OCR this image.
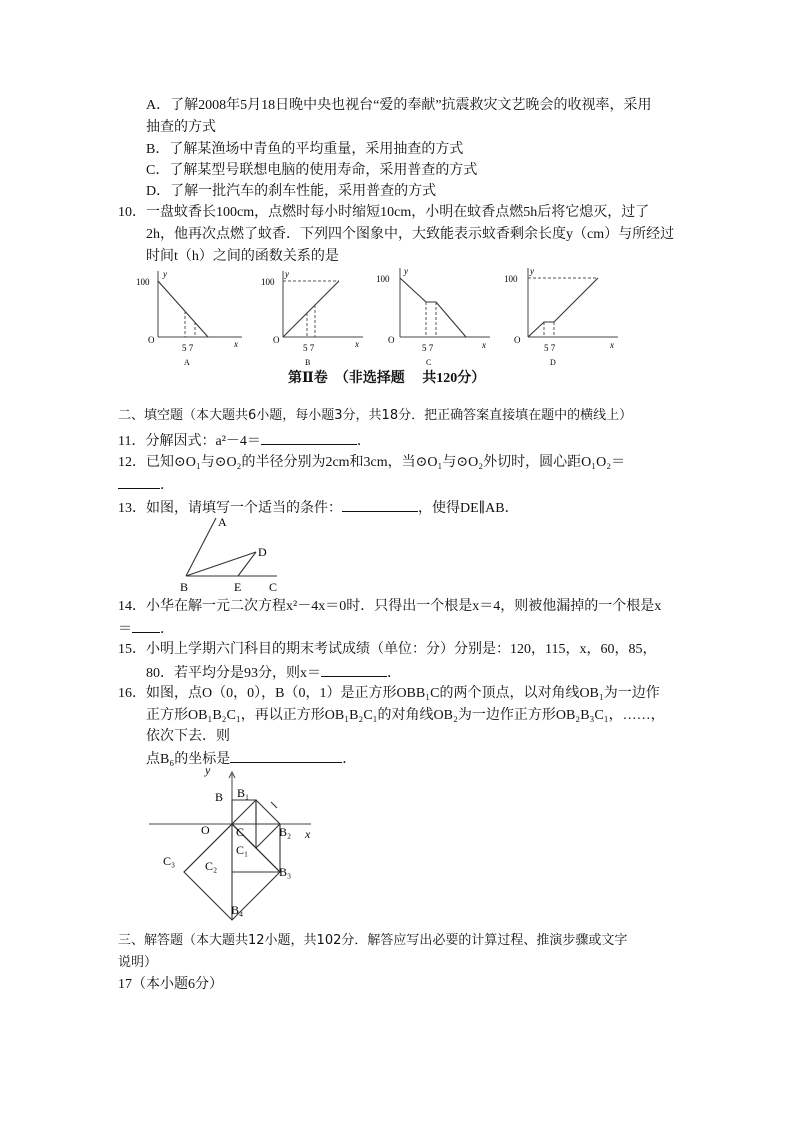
A．了解2008年5月18日晚中央也视台“爱的奉献”抗震救灾文艺晚会的收视率，采用
抽查的方式
B．了解某渔场中青鱼的平均重量，采用抽查的方式
C．了解某型号联想电脑的使用寿命，采用普查的方式
D．了解一批汽车的刹车性能，采用普查的方式
10．一盘蚊香长100cm，点燃时每小时缩短10cm，小明在蚊香点燃5h后将它熄灭，过了
2h，他再次点燃了蚊香．下列四个图象中，大致能表示蚊香剩余长度y（cm）与所经过
时间t（h）之间的函数关系的是
100
y
O
5 7	x
A
100
y
O
5 7	x
B
100
y
O
5 7	x
C
100
y
O
5 7	x
D
第Ⅱ卷　（非选择题　 共120分）
二、填空题（本大题共6小题，每小题3分，共18分．把正确答案直接填在题中的横线上）
11．分解因式：a²－4＝	．
12．已知⊙O₁与⊙O₂的半径分别为2cm和3cm，当⊙O₁与⊙O₂外切时，圆心距O₁O₂＝
．
13．如图，请填写一个适当的条件：	，使得DE∥AB．
A
D
B	E C
14．小华在解一元二次方程x²－4x＝0时．只得出一个根是x＝4，则被他漏掉的一个根是x
＝ ．
15．小明上学期六门科目的期末考试成绩（单位：分）分别是：120，115，x，60，85，
80．若平均分是93分，则x＝	．
16．如图，点O（0，0），B（0，1）是正方形OBB₁C的两个顶点，以对角线OB₁为一边作
正方形OB₁B₂C₁，再以正方形OB₁B₂C₁的对角线OB₂为一边作正方形OB₂B₃C₁，……，
依次下去．则
点B₆的坐标是	．
y
x
O
B B₁
C	B₂
C₁
C₂	B₃
C₃
B₄
三、解答题（本大题共12小题，共102分．解答应写出必要的计算过程、推演步骤或文字
说明）
17（本小题6分）
